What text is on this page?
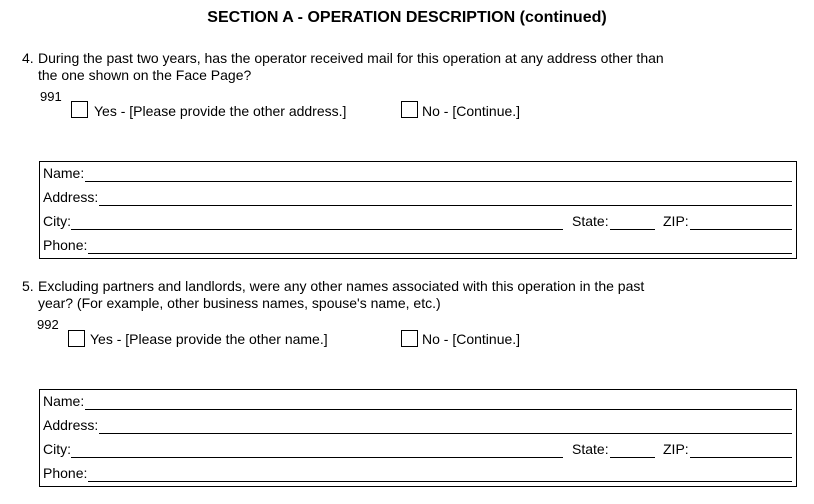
SECTION A - OPERATION DESCRIPTION (continued)
4. During the past two years, has the operator received mail for this operation at any address other than
the one shown on the Face Page?
991
Yes - [Please provide the other address.]	No - [Continue.]
Name:
Address:
City:	State:	ZIP:
Phone:
5. Excluding partners and landlords, were any other names associated with this operation in the past
year? (For example, other business names, spouse's name, etc.)
992
Yes - [Please provide the other name.]	No - [Continue.]
Name:
Address:
City:	State:	ZIP:
Phone:
